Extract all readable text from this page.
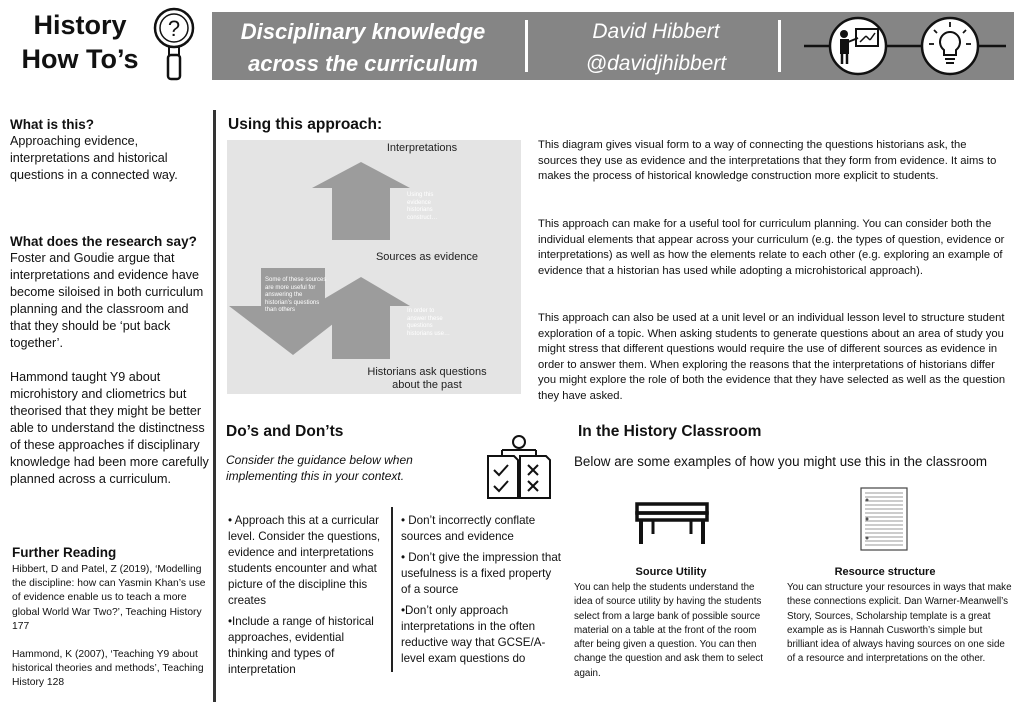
History
How To’s
?	Disciplinary knowledge
across the curriculum
David Hibbert
@davidjhibbert
What is this?

Approaching evidence, interpretations and historical questions in a connected way.

What does the research say?

Foster and Goudie argue that interpretations and evidence have become siloised in both curriculum planning and the classroom and that they should be ‘put back together’.

Hammond taught Y9 about microhistory and cliometrics but theorised that they might be better able to understand the distinctness of these approaches if disciplinary knowledge had been more carefully planned across a curriculum.

Further Reading

Hibbert, D and Patel, Z (2019), ‘Modelling the discipline: how can Yasmin Khan’s use of evidence enable us to teach a more global World War Two?’, Teaching History 177

Hammond, K (2007), ‘Teaching Y9 about historical theories and methods’, Teaching History 128

Using this approach:
Interpretations
Sources as evidence
Historians ask questions
about the past
Using this evidence historians construct…
In order to answer these questions historians use…
Some of these sources are more useful for answering the historian’s questions than others

This diagram gives visual form to a way of connecting the questions historians ask, the sources they use as evidence and the interpretations that they form from evidence. It aims to makes the process of historical knowledge construction more explicit to students.

This approach can make for a useful tool for curriculum planning. You can consider both the individual elements that appear across your curriculum (e.g. the types of question, evidence or interpretations) as well as how the elements relate to each other (e.g. exploring an example of evidence that a historian has used while adopting a microhistorical approach).

This approach can also be used at a unit level or an individual lesson level to structure student exploration of a topic. When asking students to generate questions about an area of study you might stress that different questions would require the use of different sources as evidence in order to answer them. When exploring the reasons that the interpretations of historians differ you might explore the role of both the evidence that they have selected as well as the question they have asked.

Do’s and Don’ts

Consider the guidance below when implementing this in your context.

• Approach this at a curricular level. Consider the questions, evidence and interpretations students encounter and what picture of the discipline this creates
•Include a range of historical approaches, evidential thinking and types of interpretation
• Don’t incorrectly conflate sources and evidence
• Don’t give the impression that usefulness is a fixed property of a source
•Don’t only approach interpretations in the often reductive way that GCSE/A-level exam questions do
In the History Classroom

Below are some examples of how you might use this in the classroom

Source Utility

You can help the students understand the idea of source utility by having the students select from a large bank of possible source material on a table at the front of the room after being given a question. You can then change the question and ask them to select again.

Resource structure

You can structure your resources in ways that make these connections explicit. Dan Warner-Meanwell’s Story, Sources, Scholarship template is a great example as is Hannah Cusworth’s simple but brilliant idea of always having sources on one side of a resource and interpretations on the other.
